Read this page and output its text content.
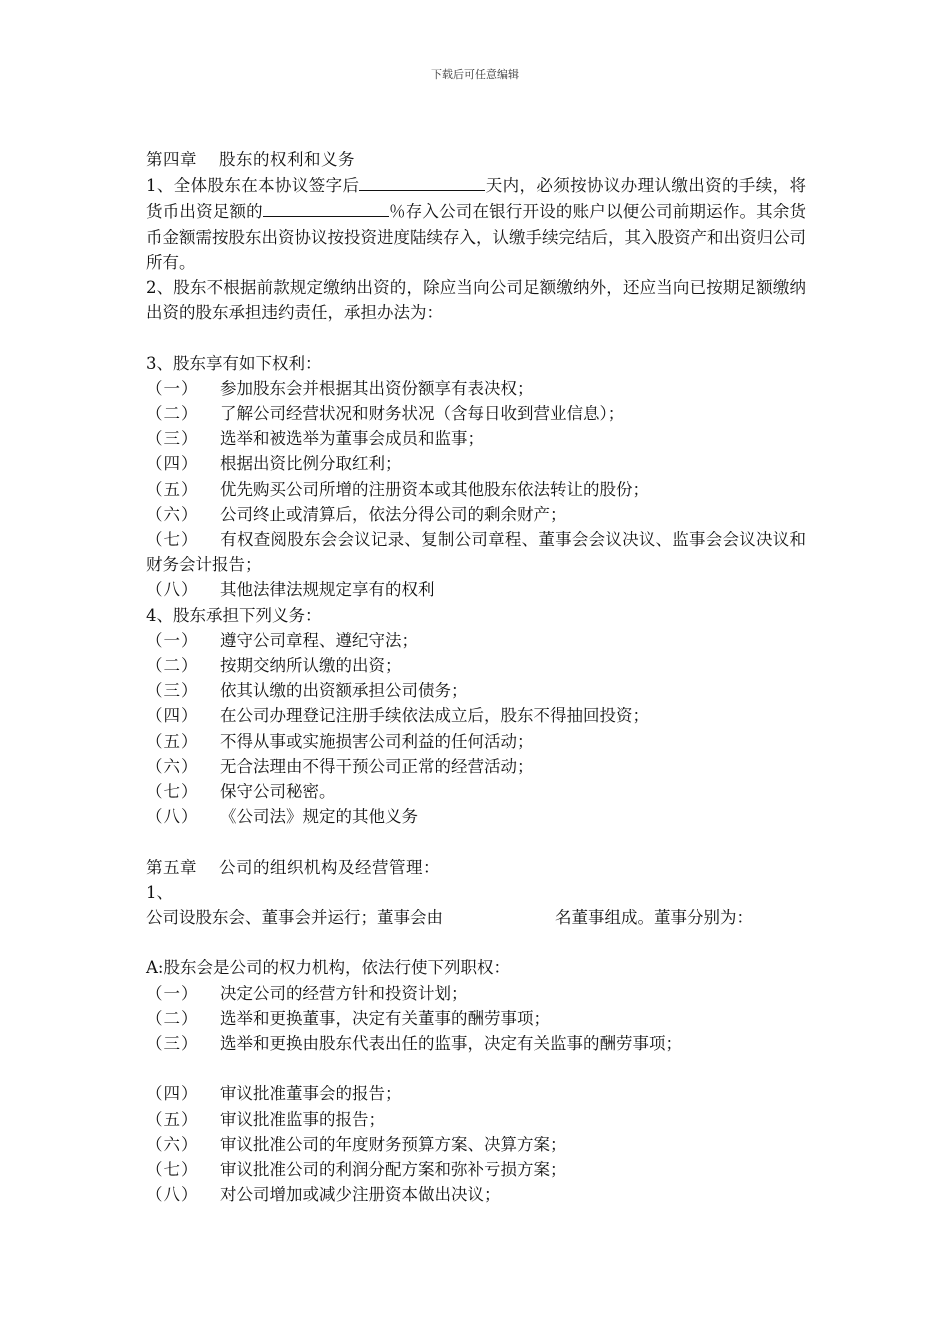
下载后可任意编辑
第四章 股东的权利和义务
1、全体股东在本协议签字后	天内，必须按协议办理认缴出资的手续，将货币出资足额的	％存入公司在银行开设的账户以便公司前期运作。其余货币金额需按股东出资协议按投资进度陆续存入，认缴手续完结后，其入股资产和出资归公司所有。
2、股东不根据前款规定缴纳出资的，除应当向公司足额缴纳外，还应当向已按期足额缴纳出资的股东承担违约责任，承担办法为：
3、股东享有如下权利：
（一） 参加股东会并根据其出资份额享有表决权；
（二） 了解公司经营状况和财务状况（含每日收到营业信息）；
（三） 选举和被选举为董事会成员和监事；
（四） 根据出资比例分取红利；
（五） 优先购买公司所增的注册资本或其他股东依法转让的股份；
（六） 公司终止或清算后，依法分得公司的剩余财产；
（七） 有权查阅股东会会议记录、复制公司章程、董事会会议决议、监事会会议决议和财务会计报告；
（八） 其他法律法规规定享有的权利
4、股东承担下列义务：
（一） 遵守公司章程、遵纪守法；
（二） 按期交纳所认缴的出资；
（三） 依其认缴的出资额承担公司债务；
（四） 在公司办理登记注册手续依法成立后，股东不得抽回投资；
（五） 不得从事或实施损害公司利益的任何活动；
（六） 无合法理由不得干预公司正常的经营活动；
（七） 保守公司秘密。
（八） 《公司法》规定的其他义务
第五章 公司的组织机构及经营管理：
1、
公司设股东会、董事会并运行；董事会由	名董事组成。董事分别为：
A:股东会是公司的权力机构，依法行使下列职权：
（一） 决定公司的经营方针和投资计划；
（二） 选举和更换董事，决定有关董事的酬劳事项；
（三） 选举和更换由股东代表出任的监事，决定有关监事的酬劳事项；
（四） 审议批准董事会的报告；
（五） 审议批准监事的报告；
（六） 审议批准公司的年度财务预算方案、决算方案；
（七） 审议批准公司的利润分配方案和弥补亏损方案；
（八） 对公司增加或减少注册资本做出决议；
